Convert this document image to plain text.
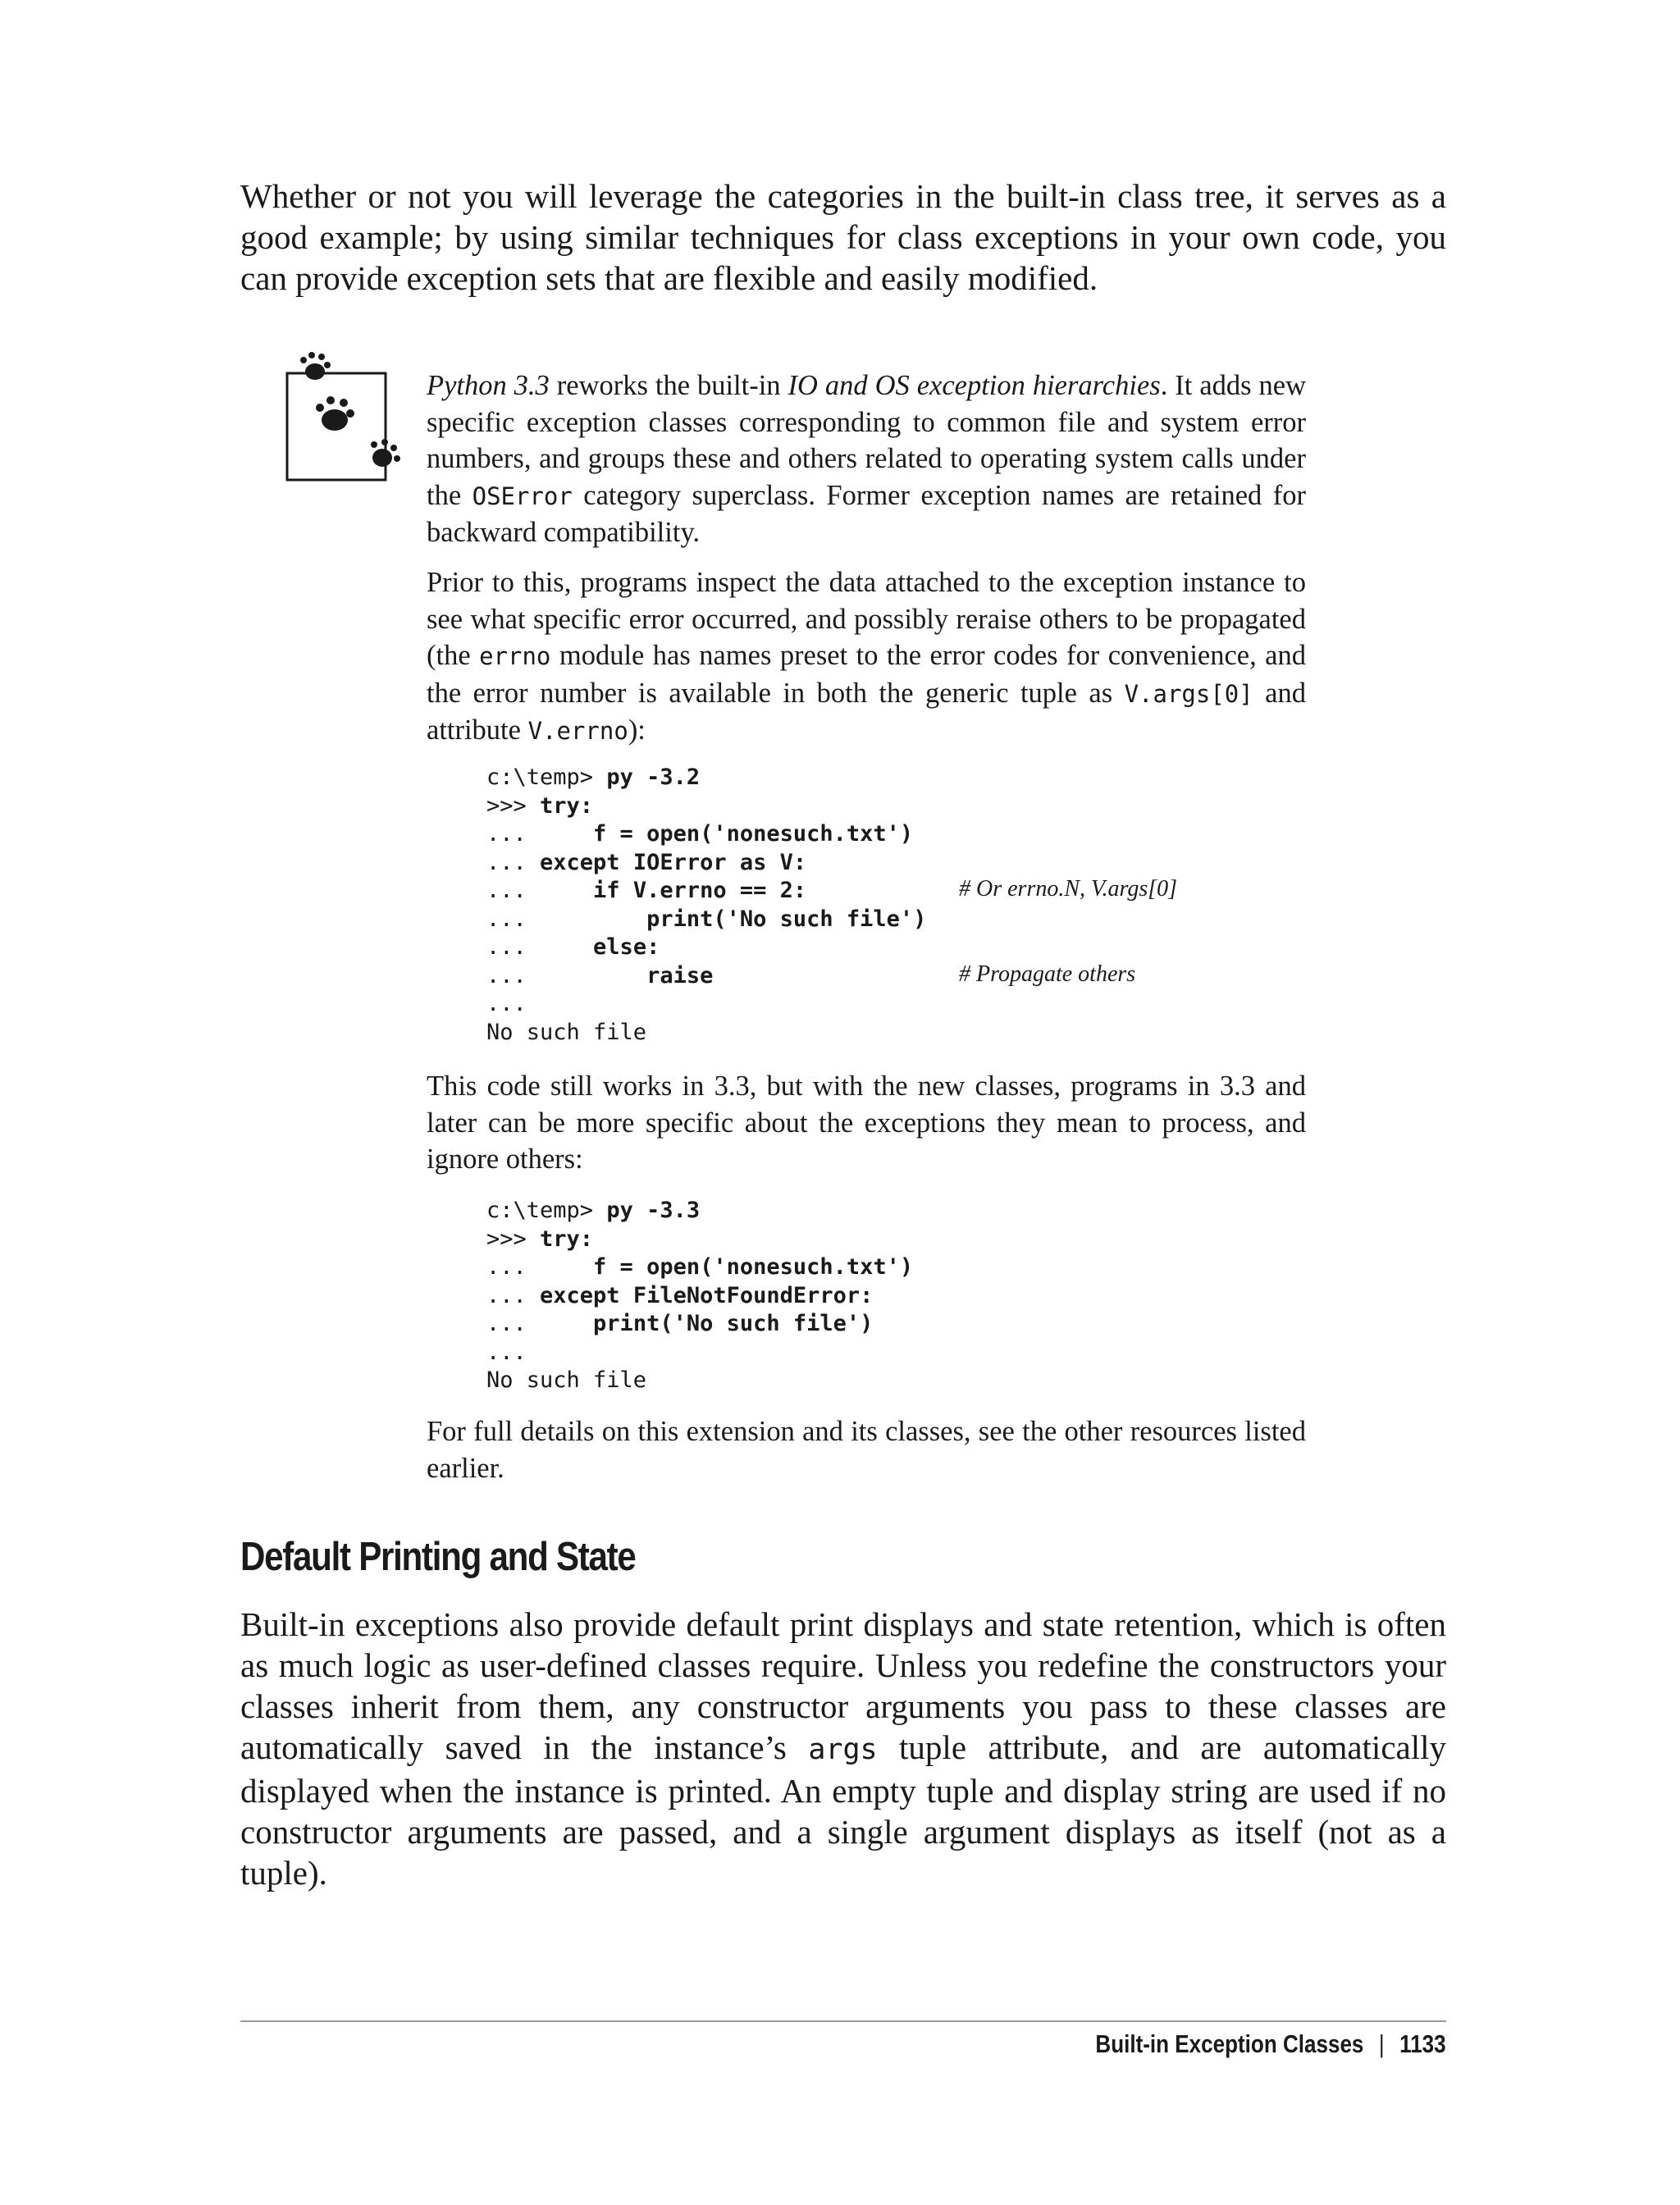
Whether or not you will leverage the categories in the built-in class tree, it serves as a good example; by using similar techniques for class exceptions in your own code, you can provide exception sets that are flexible and easily modified.

Python 3.3 reworks the built-in IO and OS exception hierarchies. It adds new specific exception classes corresponding to common file and system error numbers, and groups these and others related to operating system calls under the OSError category superclass. Former exception names are retained for backward compatibility.

Prior to this, programs inspect the data attached to the exception instance to see what specific error occurred, and possibly reraise others to be propagated (the errno module has names preset to the error codes for convenience, and the error number is available in both the generic tuple as V.args[0] and attribute V.errno):

c:\temp> py -3.2
>>> try:
...     f = open('nonesuch.txt')
... except IOError as V:
...     if V.errno == 2:
...         print('No such file')
...     else:
...         raise
...
No such file
# Or errno.N, V.args[0]
# Propagate others

This code still works in 3.3, but with the new classes, programs in 3.3 and later can be more specific about the exceptions they mean to process, and ignore others:

c:\temp> py -3.3
>>> try:
...     f = open('nonesuch.txt')
... except FileNotFoundError:
...     print('No such file')
...
No such file

For full details on this extension and its classes, see the other resources listed earlier.

Default Printing and State

Built-in exceptions also provide default print displays and state retention, which is often as much logic as user-defined classes require. Unless you redefine the constructors your classes inherit from them, any constructor arguments you pass to these classes are automatically saved in the instance’s args tuple attribute, and are automatically displayed when the instance is printed. An empty tuple and display string are used if no constructor arguments are passed, and a single argument displays as itself (not as a tuple).

Built-in Exception Classes | 1133
